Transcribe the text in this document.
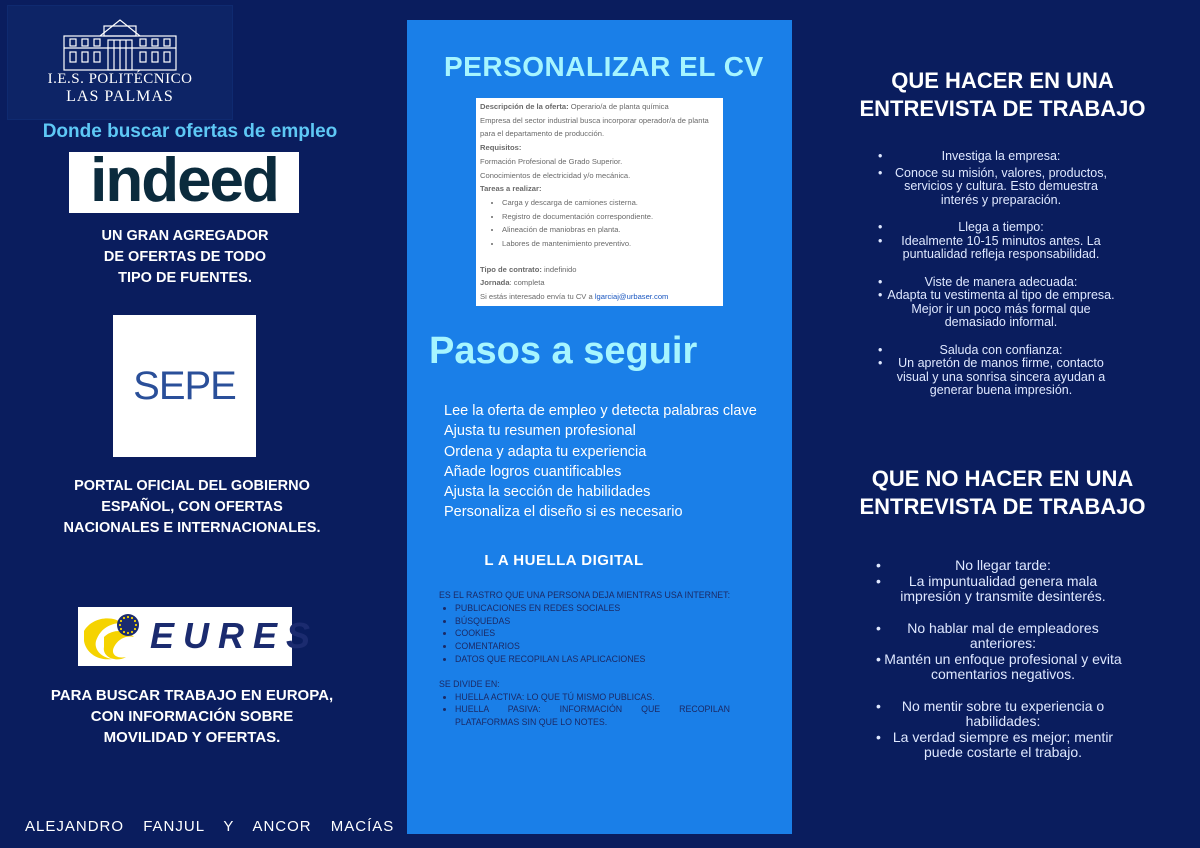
I.E.S. POLITÉCNICO
LAS PALMAS
Donde buscar ofertas de empleo
indeed
UN GRAN AGREGADOR
DE OFERTAS DE TODO
TIPO DE FUENTES.
SEPE
PORTAL OFICIAL DEL GOBIERNO
ESPAÑOL, CON OFERTAS
NACIONALES E INTERNACIONALES.
EURES
PARA BUSCAR TRABAJO EN EUROPA,
CON INFORMACIÓN SOBRE
MOVILIDAD Y OFERTAS.
ALEJANDRO FANJUL Y ANCOR MACÍAS
PERSONALIZAR EL CV
Descripción de la oferta: Operario/a de planta química
Empresa del sector industrial busca incorporar operador/a de planta
para el departamento de producción.
Requisitos:
Formación Profesional de Grado Superior.
Conocimientos de electricidad y/o mecánica.
Tareas a realizar:
• Carga y descarga de camiones cisterna.
• Registro de documentación correspondiente.
• Alineación de maniobras en planta.
• Labores de mantenimiento preventivo.
Tipo de contrato: indefinido
Jornada: completa
Si estás interesado envía tu CV a lgarciaj@urbaser.com
Pasos a seguir
Lee la oferta de empleo y detecta palabras clave
Ajusta tu resumen profesional
Ordena y adapta tu experiencia
Añade logros cuantificables
Ajusta la sección de habilidades
Personaliza el diseño si es necesario
L A HUELLA DIGITAL

ES EL RASTRO QUE UNA PERSONA DEJA MIENTRAS USA INTERNET:

• PUBLICACIONES EN REDES SOCIALES
• BÚSQUEDAS
• COOKIES
• COMENTARIOS
• DATOS QUE RECOPILAN LAS APLICACIONES

SE DIVIDE EN:

• HUELLA ACTIVA: LO QUE TÚ MISMO PUBLICAS.
• HUELLA PASIVA: INFORMACIÓN QUE RECOPILAN PLATAFORMAS SIN QUE LO NOTES.
QUE HACER EN UNA ENTREVISTA DE TRABAJO
• Investiga la empresa:
• Conoce su misión, valores, productos, servicios y cultura. Esto demuestra interés y preparación.
• Llega a tiempo:
• Idealmente 10-15 minutos antes. La puntualidad refleja responsabilidad.
• Viste de manera adecuada:
• Adapta tu vestimenta al tipo de empresa. Mejor ir un poco más formal que demasiado informal.
• Saluda con confianza:
• Un apretón de manos firme, contacto visual y una sonrisa sincera ayudan a generar buena impresión.
QUE NO HACER EN UNA ENTREVISTA DE TRABAJO
• No llegar tarde:
• La impuntualidad genera mala impresión y transmite desinterés.
• No hablar mal de empleadores anteriores:
• Mantén un enfoque profesional y evita comentarios negativos.
• No mentir sobre tu experiencia o habilidades:
• La verdad siempre es mejor; mentir puede costarte el trabajo.
